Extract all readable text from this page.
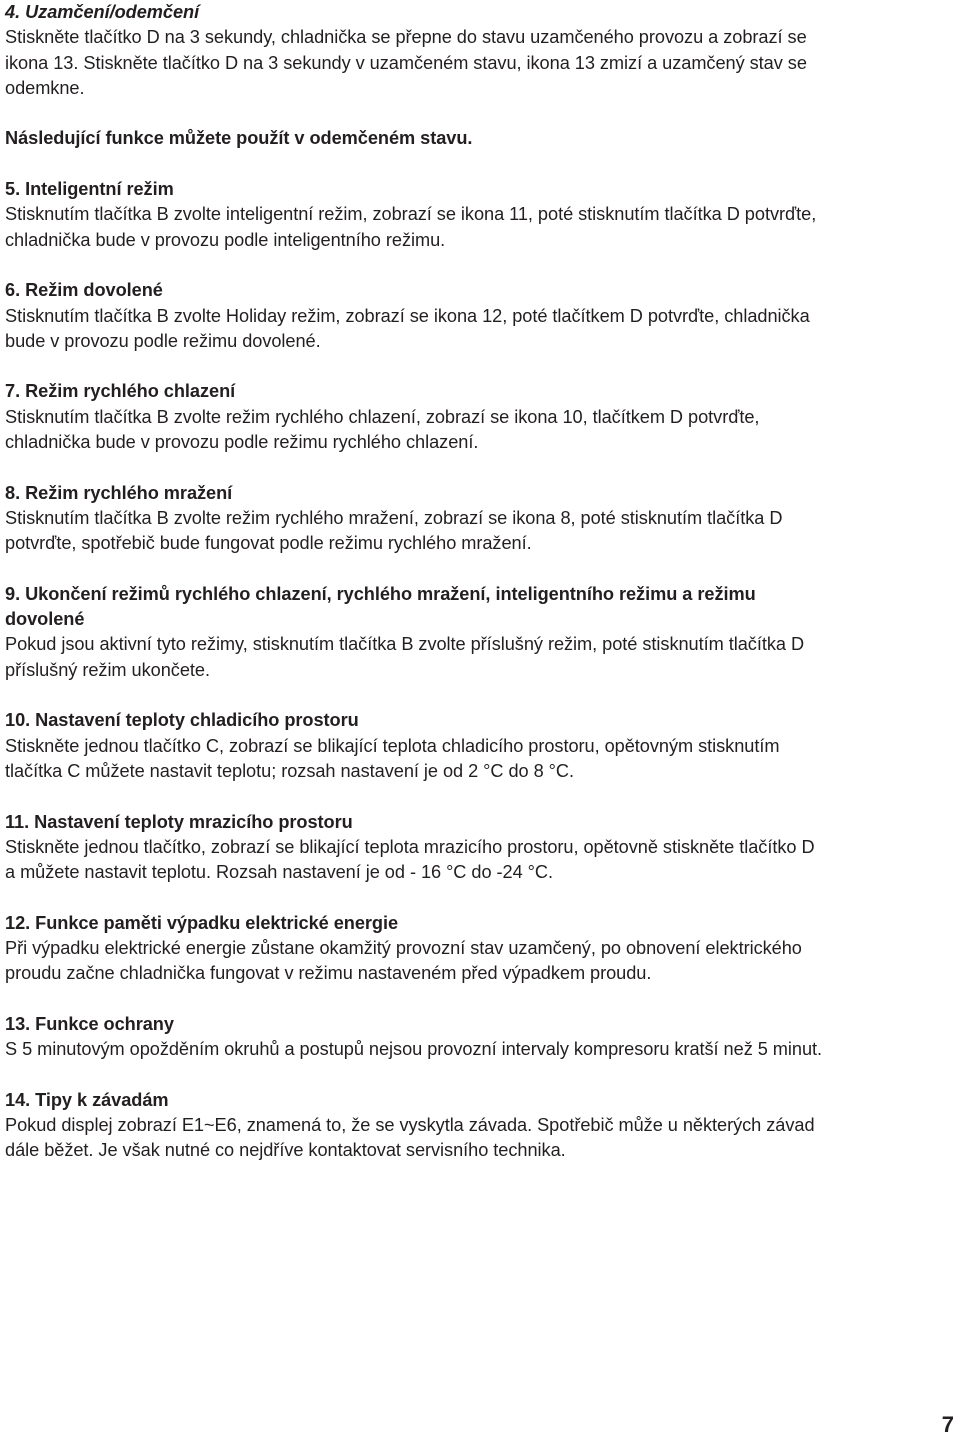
4. Uzamčení/odemčení
Stiskněte tlačítko D na 3 sekundy, chladnička se přepne do stavu uzamčeného provozu a zobrazí se
ikona 13. Stiskněte tlačítko D na 3 sekundy v uzamčeném stavu, ikona 13 zmizí a uzamčený stav se
odemkne.
Následující funkce můžete použít v odemčeném stavu.
5. Inteligentní režim
Stisknutím tlačítka B zvolte inteligentní režim, zobrazí se ikona 11, poté stisknutím tlačítka D potvrďte,
chladnička bude v provozu podle inteligentního režimu.
6. Režim dovolené
Stisknutím tlačítka B zvolte Holiday režim, zobrazí se ikona 12, poté tlačítkem D potvrďte, chladnička
bude v provozu podle režimu dovolené.
7. Režim rychlého chlazení
Stisknutím tlačítka B zvolte režim rychlého chlazení, zobrazí se ikona 10, tlačítkem D potvrďte,
chladnička bude v provozu podle režimu rychlého chlazení.
8. Režim rychlého mražení
Stisknutím tlačítka B zvolte režim rychlého mražení, zobrazí se ikona 8, poté stisknutím tlačítka D
potvrďte, spotřebič bude fungovat podle režimu rychlého mražení.
9. Ukončení režimů rychlého chlazení, rychlého mražení, inteligentního režimu a režimu
dovolené
Pokud jsou aktivní tyto režimy, stisknutím tlačítka B zvolte příslušný režim, poté stisknutím tlačítka D
příslušný režim ukončete.
10. Nastavení teploty chladicího prostoru
Stiskněte jednou tlačítko C, zobrazí se blikající teplota chladicího prostoru, opětovným stisknutím
tlačítka C můžete nastavit teplotu; rozsah nastavení je od 2 °C do 8 °C.
11. Nastavení teploty mrazicího prostoru
Stiskněte jednou tlačítko, zobrazí se blikající teplota mrazicího prostoru, opětovně stiskněte tlačítko D
a můžete nastavit teplotu. Rozsah nastavení je od - 16 °C do -24 °C.
12. Funkce paměti výpadku elektrické energie
Při výpadku elektrické energie zůstane okamžitý provozní stav uzamčený, po obnovení elektrického
proudu začne chladnička fungovat v režimu nastaveném před výpadkem proudu.
13. Funkce ochrany
S 5 minutovým opožděním okruhů a postupů nejsou provozní intervaly kompresoru kratší než 5 minut.
14. Tipy k závadám
Pokud displej zobrazí E1~E6, znamená to, že se vyskytla závada. Spotřebič může u některých závad
dále běžet. Je však nutné co nejdříve kontaktovat servisního technika.
7
